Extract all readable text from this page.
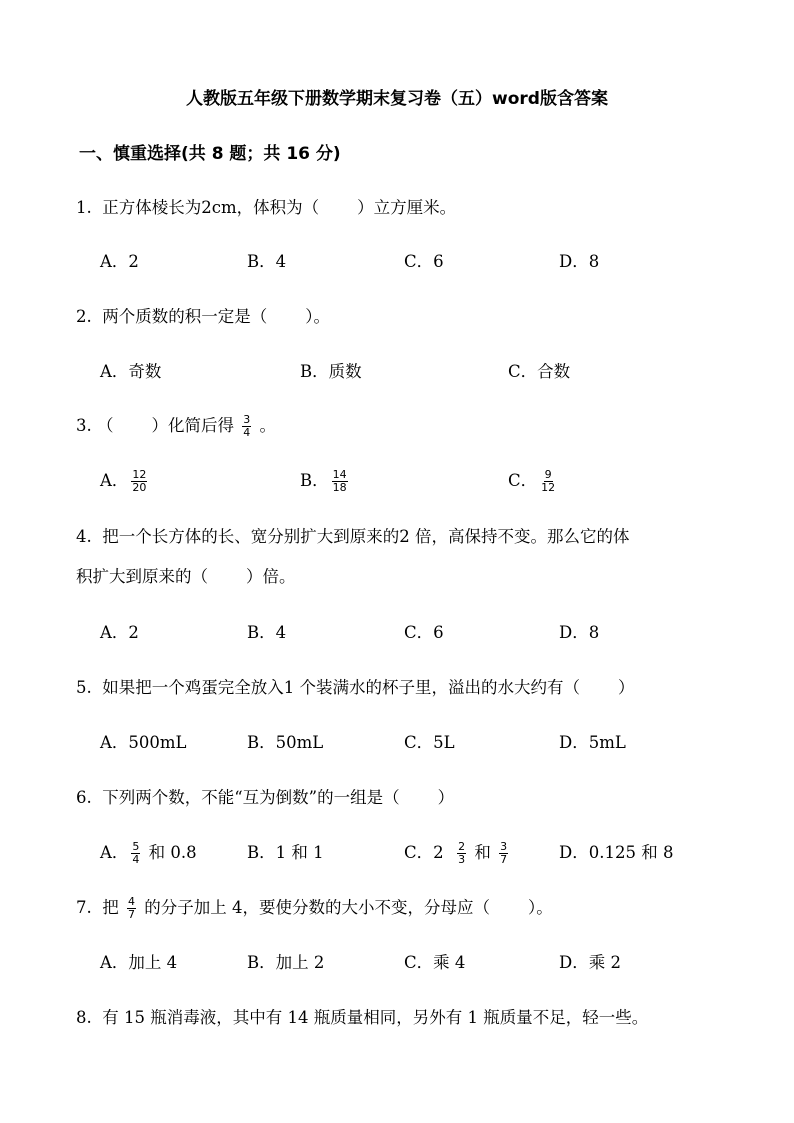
人教版五年级下册数学期末复习卷（五）word版含答案
一、慎重选择(共 8 题；共 16 分)
1. 正方体棱长为2cm，体积为（ ）立方厘米。
A．2	B．4	C．6	D．8
2. 两个质数的积一定是（ ）。
A．奇数	B．质数	C．合数
3. （ ）化简后得 $\frac{3}{4}$ 。
A． $\frac{12}{20}$	B． $\frac{14}{18}$	C． $\frac{9}{12}$
4. 把一个长方体的长、宽分别扩大到原来的2 倍，高保持不变。那么它的体
积扩大到原来的（ ）倍。
A．2	B．4	C．6	D．8
5. 如果把一个鸡蛋完全放入1 个装满水的杯子里，溢出的水大约有（ ）
A．500mL	B．50mL	C．5L	D．5mL
6. 下列两个数，不能“互为倒数”的一组是（ ）
A． $\frac{5}{4}$ 和 0.8	B．1 和 1	C．$2 \frac{2}{3}$ 和 $\frac{3}{7}$	D．0.125 和 8
7. 把 $\frac{4}{7}$ 的分子加上 4，要使分数的大小不变，分母应（ ）。
A．加上 4	B．加上 2	C．乘 4	D．乘 2
8. 有 15 瓶消毒液，其中有 14 瓶质量相同，另外有 1 瓶质量不足，轻一些。
